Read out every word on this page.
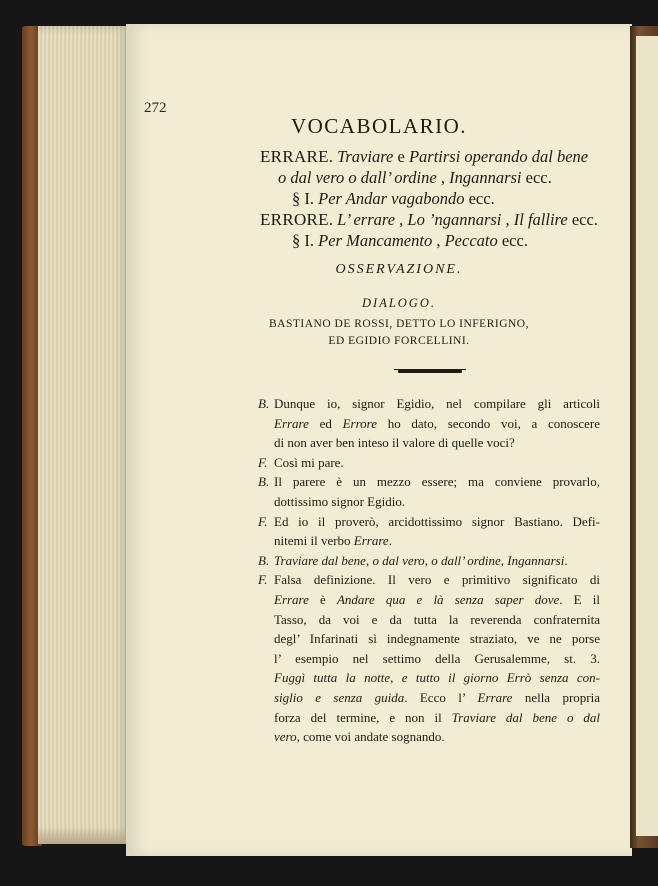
272
VOCABOLARIO.
ERRARE. Traviare e Partirsi operando dal bene
o dal vero o dall’ ordine , Ingannarsi ecc.
§ I. Per Andar vagabondo ecc.
ERRORE. L’ errare , Lo ’ngannarsi , Il fallire ecc.
§ I. Per Mancamento , Peccato ecc.
OSSERVAZIONE.
DIALOGO.
BASTIANO DE ROSSI, DETTO LO INFERIGNO,
ED EGIDIO FORCELLINI.
B. Dunque io, signor Egidio, nel compilare gli articoli
Errare ed Errore ho dato, secondo voi, a conoscere
di non aver ben inteso il valore di quelle voci?
F. Così mi pare.
B. Il parere è un mezzo essere; ma conviene provarlo,
dottissimo signor Egidio.
F. Ed io il proverò, arcidottissimo signor Bastiano. Defi-
nitemi il verbo Errare.
B. Traviare dal bene, o dal vero, o dall’ ordine, Ingannarsi.
F. Falsa definizione. Il vero e primitivo significato di
Errare è Andare qua e là senza saper dove. E il
Tasso, da voi e da tutta la reverenda confraternita
degl’ Infarinati sì indegnamente straziato, ve ne porse
l’ esempio nel settimo della Gerusalemme, st. 3.
Fuggì tutta la notte, e tutto il giorno Errò senza con-
siglio e senza guida. Ecco l’ Errare nella propria
forza del termine, e non il Traviare dal bene o dal
vero, come voi andate sognando.
